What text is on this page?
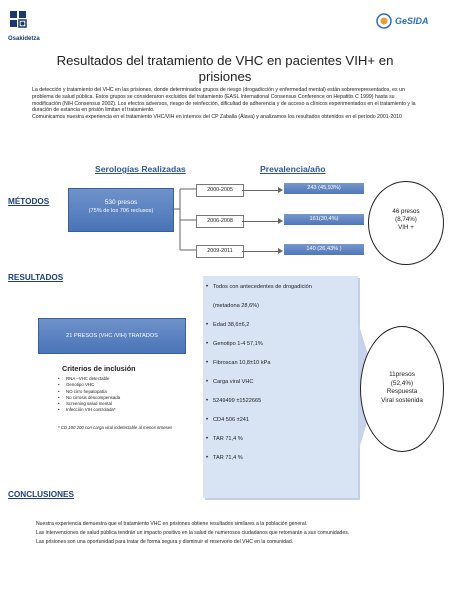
Osakidetza
GeSIDA
Resultados del tratamiento de VHC en pacientes VIH+ en prisiones

La detección y tratamiento del VHC en las prisiones, donde determinados grupos de riesgo (drogadicción y enfermedad mental) están sobrerrepresentados, es un problema de salud pública. Estos grupos se consideraron excluidos del tratamiento (EASL International Consensus Conference on Hepatitis C 1999) hasta su modificación (NIH Consensus 2002). Los efectos adversos, riesgo de reinfección, dificultad de adherencia y de acceso a clínicos experimentados en el tratamiento y la duración de estancia en prisión limitan el tratamiento.

Comunicamos nuestra experiencia en el tratamiento VHC/VIH en internos del CP Zaballa (Álava) y analizamos los resultados obtenidos en el período 2001-2010

Serologías Realizadas	Prevalencia/año
MÉTODOS	530 presos
(75% de los 706 reclusos)
2000-2005
2006-2008
2009-2011
243 (45,93%)
161(30,4%)
140 (26,43% )
46 presos
(8,74%)
VIH +
RESULTADOS
21 PRESOS (VHC /VIH) TRATADOS
Criterios de inclusión
• RNA –VHC detectable
• Genotipo VHC
• NO cirro hepatopatía
• No cirrosis descompensada
• Screening salud mental
• Infección VIH controlada*
* CD 100 200 con carga viral indetectable al menos 6meses
• Todos con antecedentes de drogadición
(metadona 28,6%)
• Edad 38,6±6,2
• Genotipo 1-4 57,1%
• Fibroscan 10,8±10 kPa
• Carga viral VHC
• 5249499 ±1522665
• CD4 506 ±241
• TAR 71,4 %
• TAR 71,4 %
11presos
(52,4%)
Respuesta
Viral sostenida
CONCLUSIONES

Nuestra experiencia demuestra que el tratamiento VHC en prisiones obtiene resultados similares a la población general.

Las intervenciones de salud pública tendrán un impacto positivo en la salud de numerosos ciudadanos que retornarán a sus comunidades.

Las prisiones son una oportunidad para tratar de forma segura y disminuir el reservorio del VHC en la comunidad.
